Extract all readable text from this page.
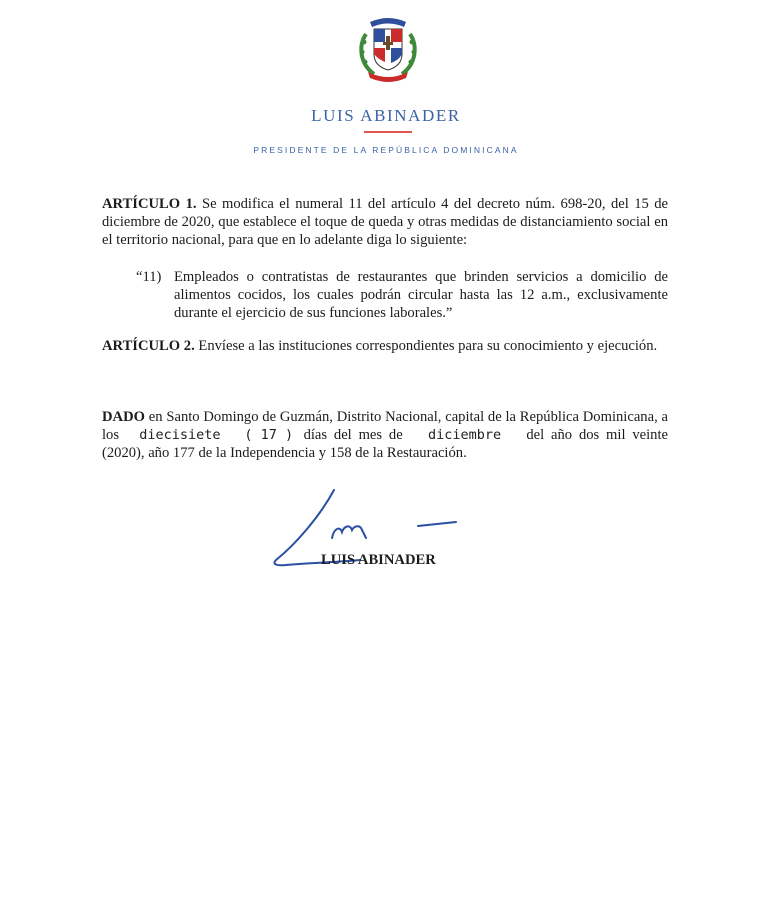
LUIS ABINADER
PRESIDENTE DE LA REPÚBLICA DOMINICANA
ARTÍCULO 1. Se modifica el numeral 11 del artículo 4 del decreto núm. 698-20, del 15 de diciembre de 2020, que establece el toque de queda y otras medidas de distanciamiento social en el territorio nacional, para que en lo adelante diga lo siguiente:
“11) Empleados o contratistas de restaurantes que brinden servicios a domicilio de alimentos cocidos, los cuales podrán circular hasta las 12 a.m., exclusivamente durante el ejercicio de sus funciones laborales.”
ARTÍCULO 2. Envíese a las instituciones correspondientes para su conocimiento y ejecución.
DADO en Santo Domingo de Guzmán, Distrito Nacional, capital de la República Dominicana, a los diecisiete ( 17 ) días del mes de diciembre del año dos mil veinte (2020), año 177 de la Independencia y 158 de la Restauración.
LUIS ABINADER
